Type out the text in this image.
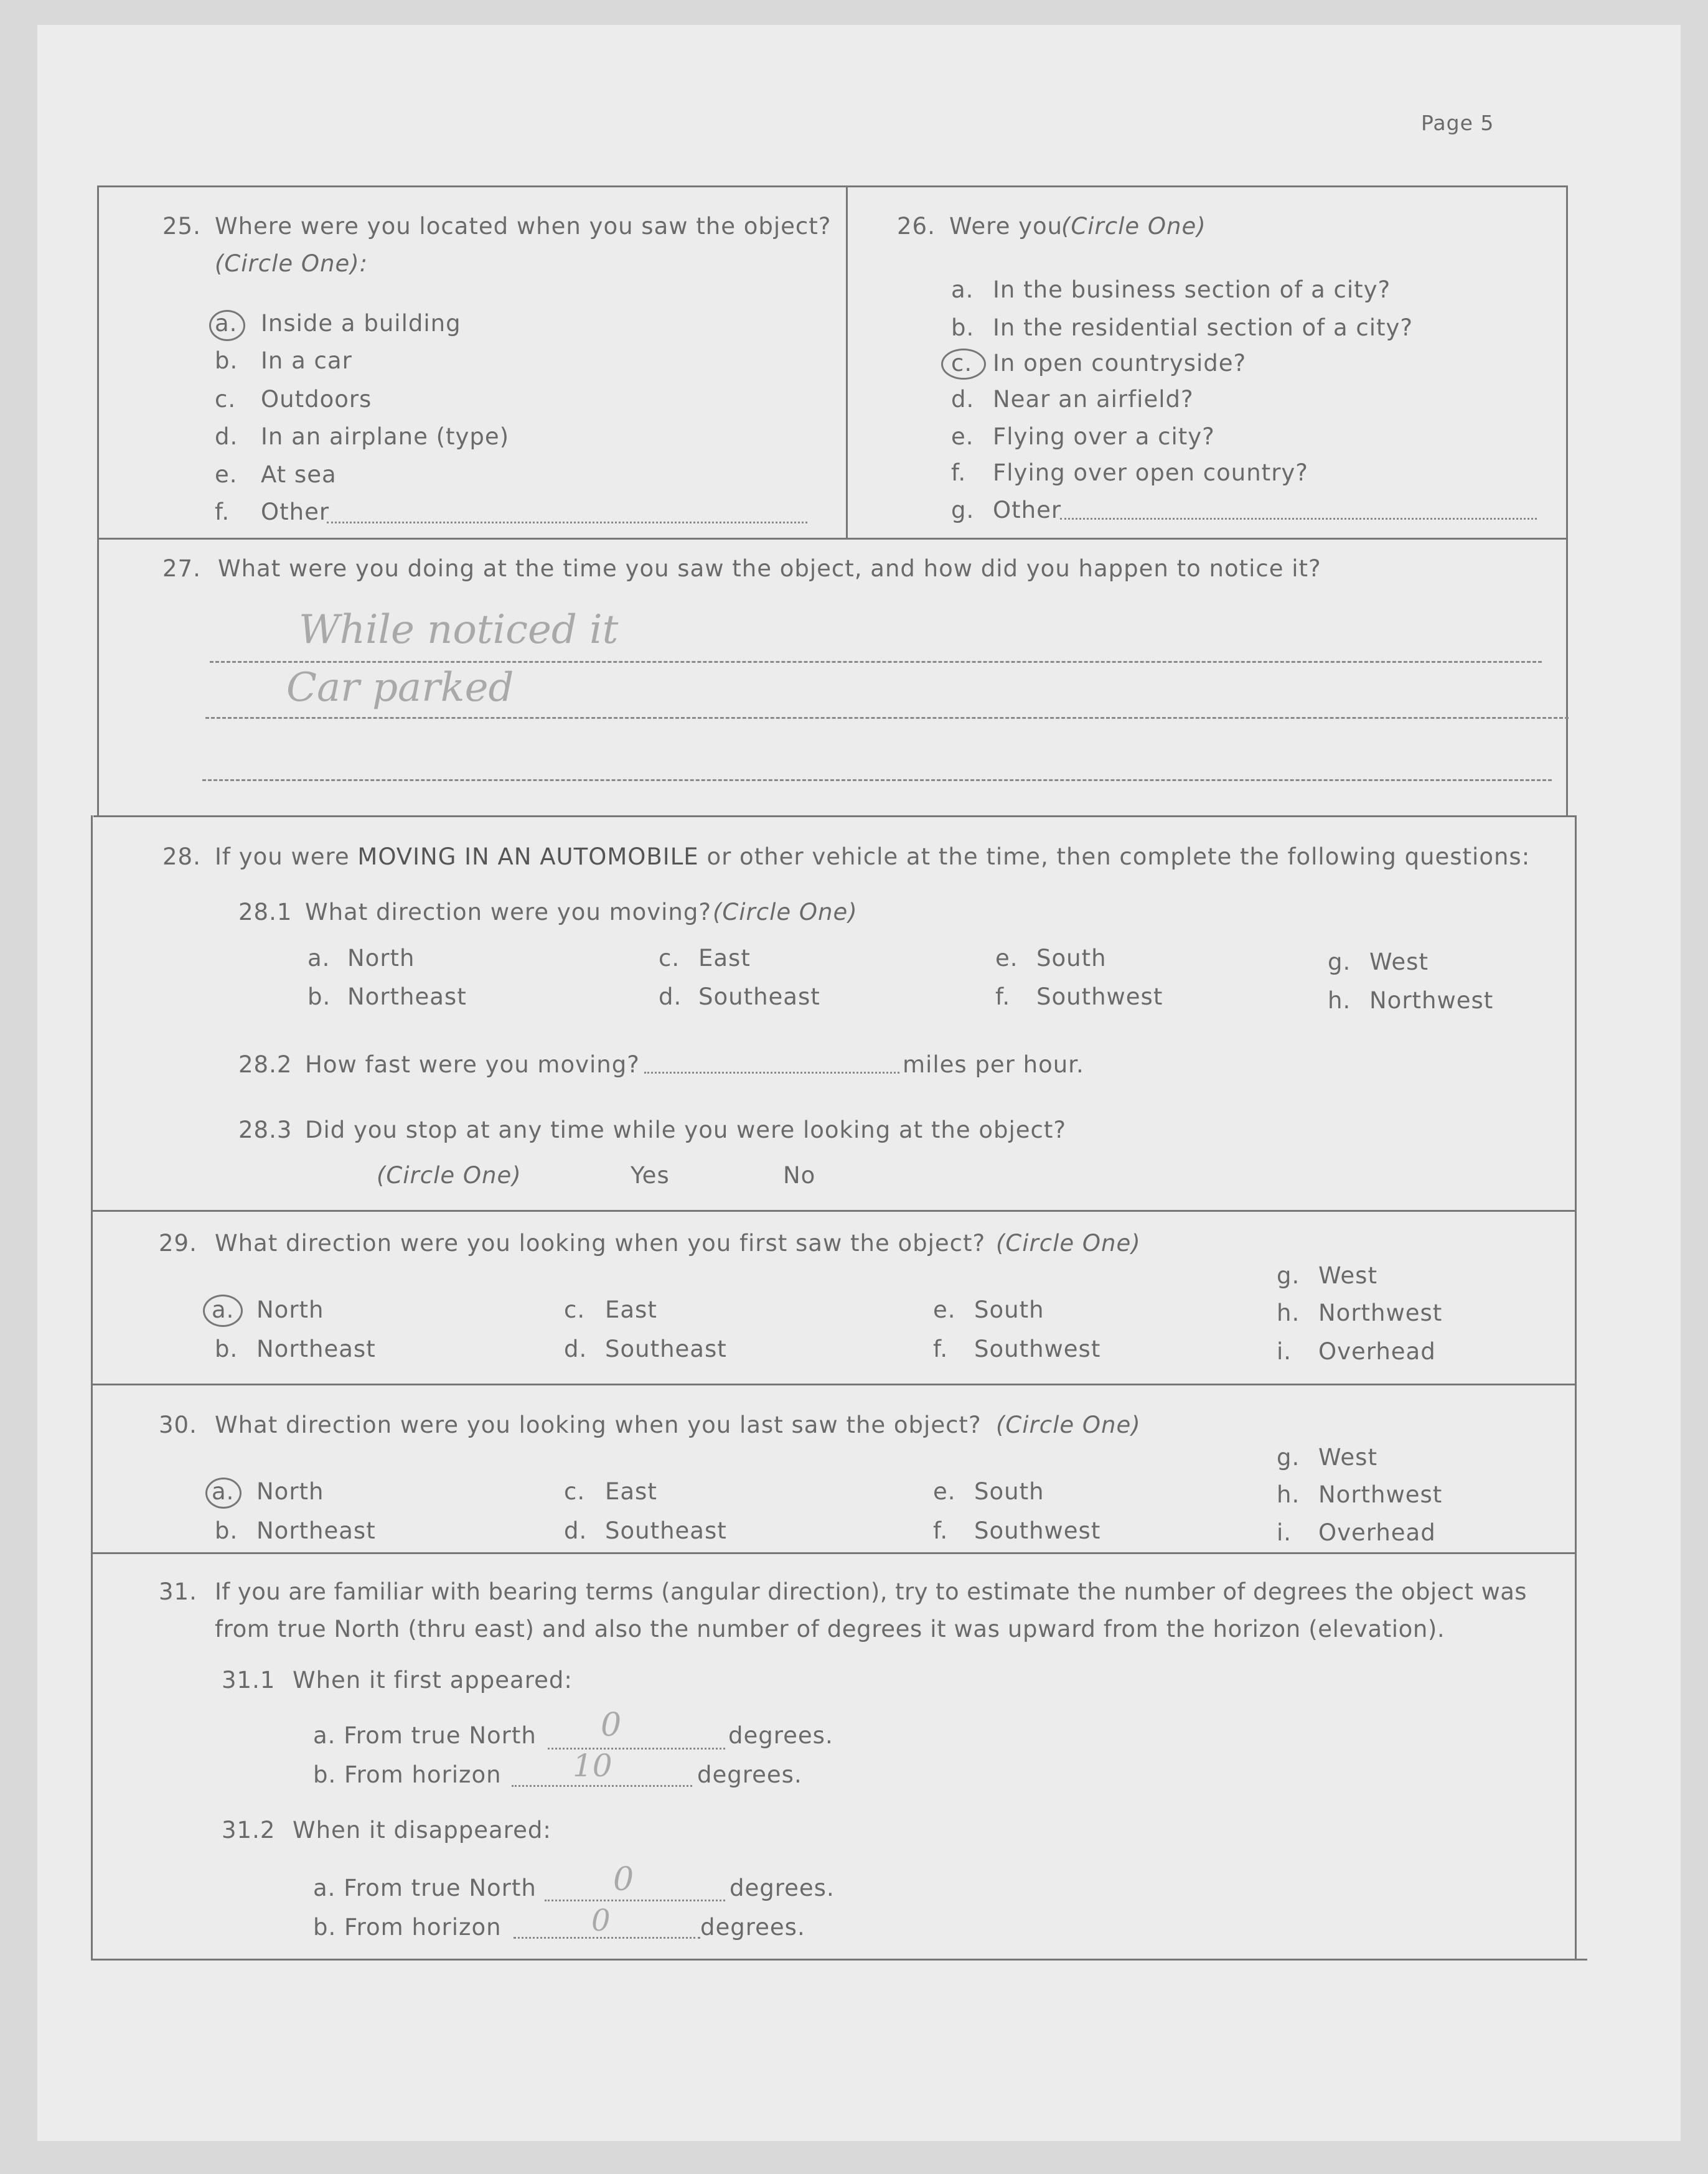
Page 5
25. Where were you located when you saw the object?
(Circle One):
a. Inside a building
b. In a car
c. Outdoors
d. In an airplane (type)
e. At sea
f. Other
26. Were you
(Circle One)
a. In the business section of a city?
b. In the residential section of a city?
c. In open countryside?
d. Near an airfield?
e. Flying over a city?
f. Flying over open country?
g. Other
27. What were you doing at the time you saw the object, and how did you happen to notice it?
While noticed it
Car parked
28. If you were MOVING IN AN AUTOMOBILE or other vehicle at the time, then complete the following questions:
28.1 What direction were you moving? (Circle One)
a. North
b. Northeast
c. East
d. Southeast
e. South
f. Southwest
g. West
h. Northwest
28.2 How fast were you moving?	miles per hour.
28.3 Did you stop at any time while you were looking at the object?
(Circle One)	Yes	No
29. What direction were you looking when you first saw the object? (Circle One)
a. North
b. Northeast
c. East
d. Southeast
e. South
f. Southwest
g. West
h. Northwest
i. Overhead
30. What direction were you looking when you last saw the object? (Circle One)
a. North
b. Northeast
c. East
d. Southeast
e. South
f. Southwest
g. West
h. Northwest
i. Overhead
31. If you are familiar with bearing terms (angular direction), try to estimate the number of degrees the object was
from true North (thru east) and also the number of degrees it was upward from the horizon (elevation).
31.1 When it first appeared:
a. From true North 0	degrees.
b. From horizon 10	degrees.
31.2 When it disappeared:
a. From true North 0	degrees.
b. From horizon	0	degrees.
